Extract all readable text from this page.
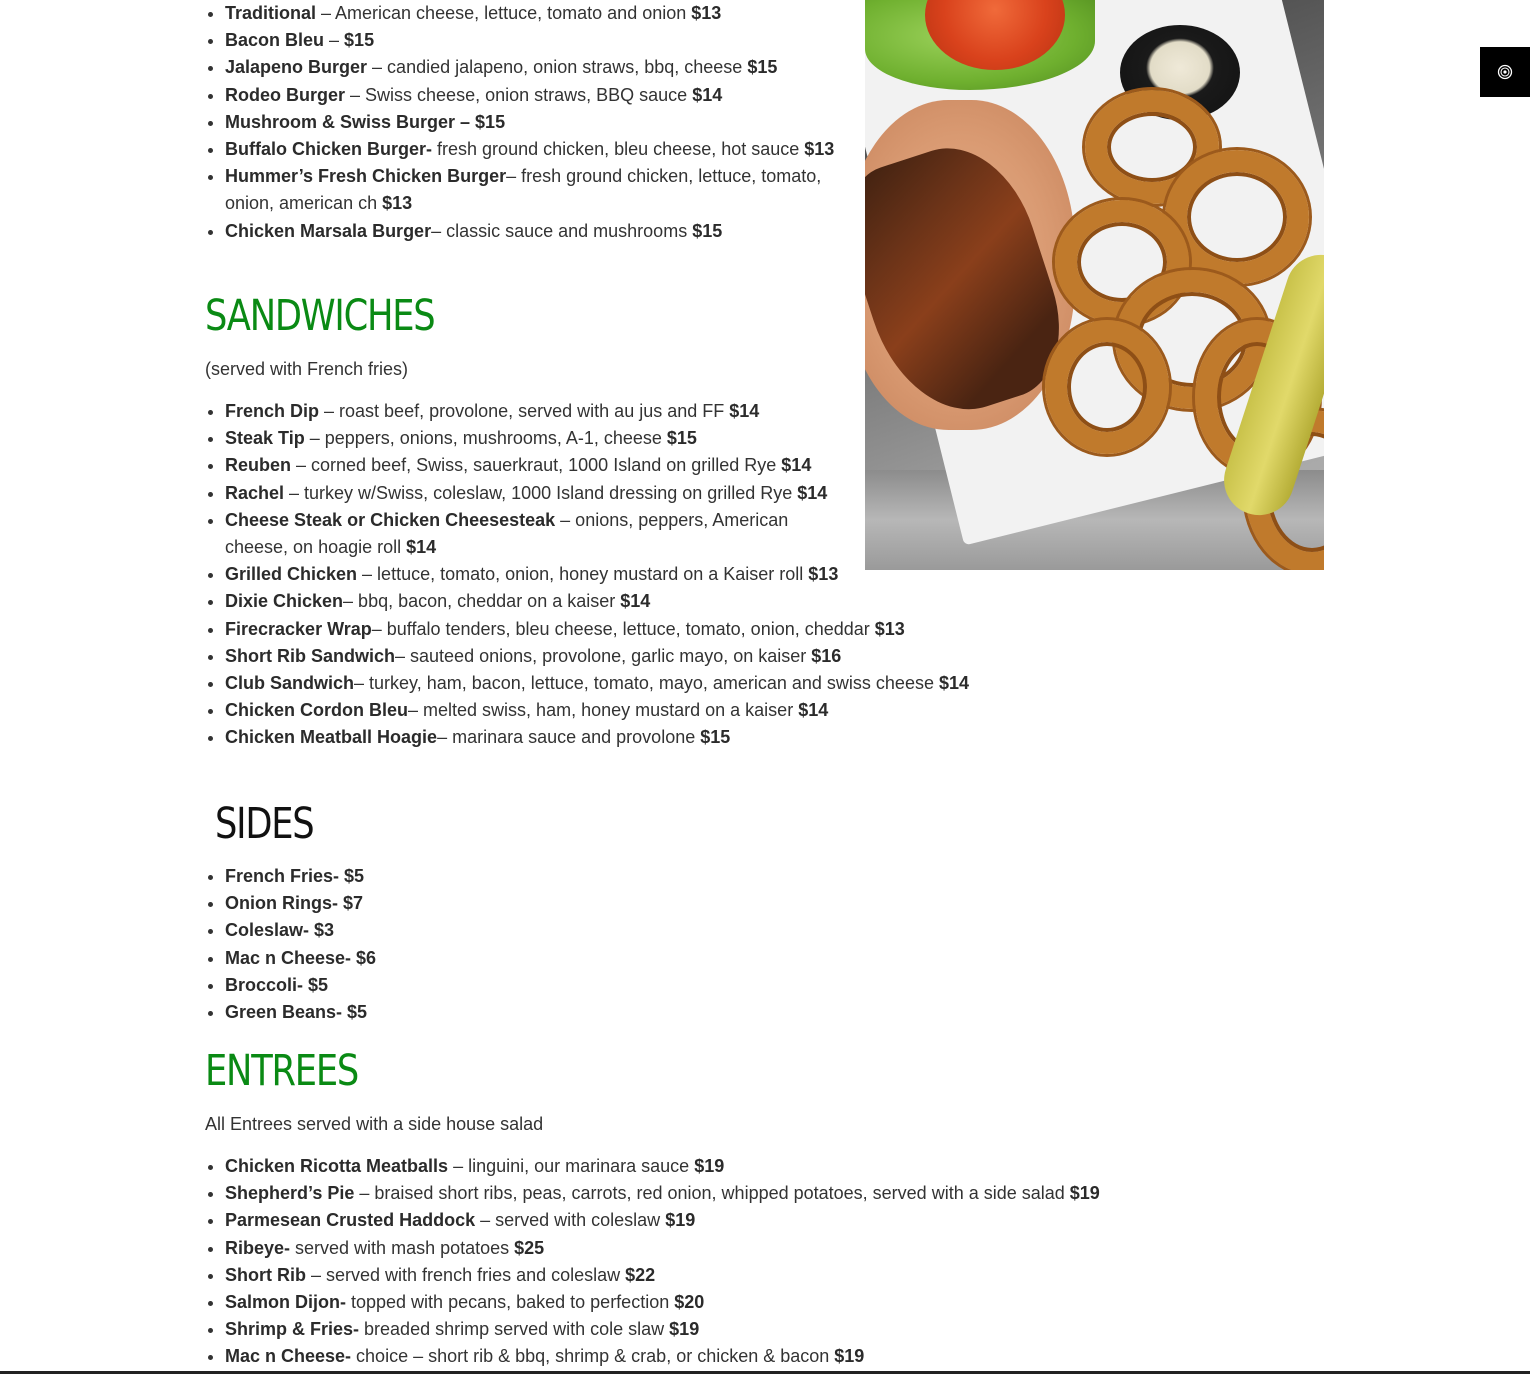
• Traditional – American cheese, lettuce, tomato and onion $13
• Bacon Bleu – $15
• Jalapeno Burger – candied jalapeno, onion straws, bbq, cheese $15
• Rodeo Burger – Swiss cheese, onion straws, BBQ sauce $14
• Mushroom & Swiss Burger – $15
• Buffalo Chicken Burger- fresh ground chicken, bleu cheese, hot sauce $13
• Hummer’s Fresh Chicken Burger– fresh ground chicken, lettuce, tomato, onion, american ch $13
• Chicken Marsala Burger– classic sauce and mushrooms $15
SANDWICHES

(served with French fries)

• French Dip – roast beef, provolone, served with au jus and FF $14
• Steak Tip – peppers, onions, mushrooms, A-1, cheese $15
• Reuben – corned beef, Swiss, sauerkraut, 1000 Island on grilled Rye $14
• Rachel – turkey w/Swiss, coleslaw, 1000 Island dressing on grilled Rye $14
• Cheese Steak or Chicken Cheesesteak – onions, peppers, American cheese, on hoagie roll $14
• Grilled Chicken – lettuce, tomato, onion, honey mustard on a Kaiser roll $13
• Dixie Chicken– bbq, bacon, cheddar on a kaiser $14
• Firecracker Wrap– buffalo tenders, bleu cheese, lettuce, tomato, onion, cheddar $13
• Short Rib Sandwich– sauteed onions, provolone, garlic mayo, on kaiser $16
• Club Sandwich– turkey, ham, bacon, lettuce, tomato, mayo, american and swiss cheese $14
• Chicken Cordon Bleu– melted swiss, ham, honey mustard on a kaiser $14
• Chicken Meatball Hoagie– marinara sauce and provolone $15
SIDES
• French Fries- $5
• Onion Rings- $7
• Coleslaw- $3
• Mac n Cheese- $6
• Broccoli- $5
• Green Beans- $5
ENTREES

All Entrees served with a side house salad

• Chicken Ricotta Meatballs – linguini, our marinara sauce $19
• Shepherd’s Pie – braised short ribs, peas, carrots, red onion, whipped potatoes, served with a side salad $19
• Parmesean Crusted Haddock – served with coleslaw $19
• Ribeye- served with mash potatoes $25
• Short Rib – served with french fries and coleslaw $22
• Salmon Dijon- topped with pecans, baked to perfection $20
• Shrimp & Fries- breaded shrimp served with cole slaw $19
• Mac n Cheese- choice – short rib & bbq, shrimp & crab, or chicken & bacon $19
